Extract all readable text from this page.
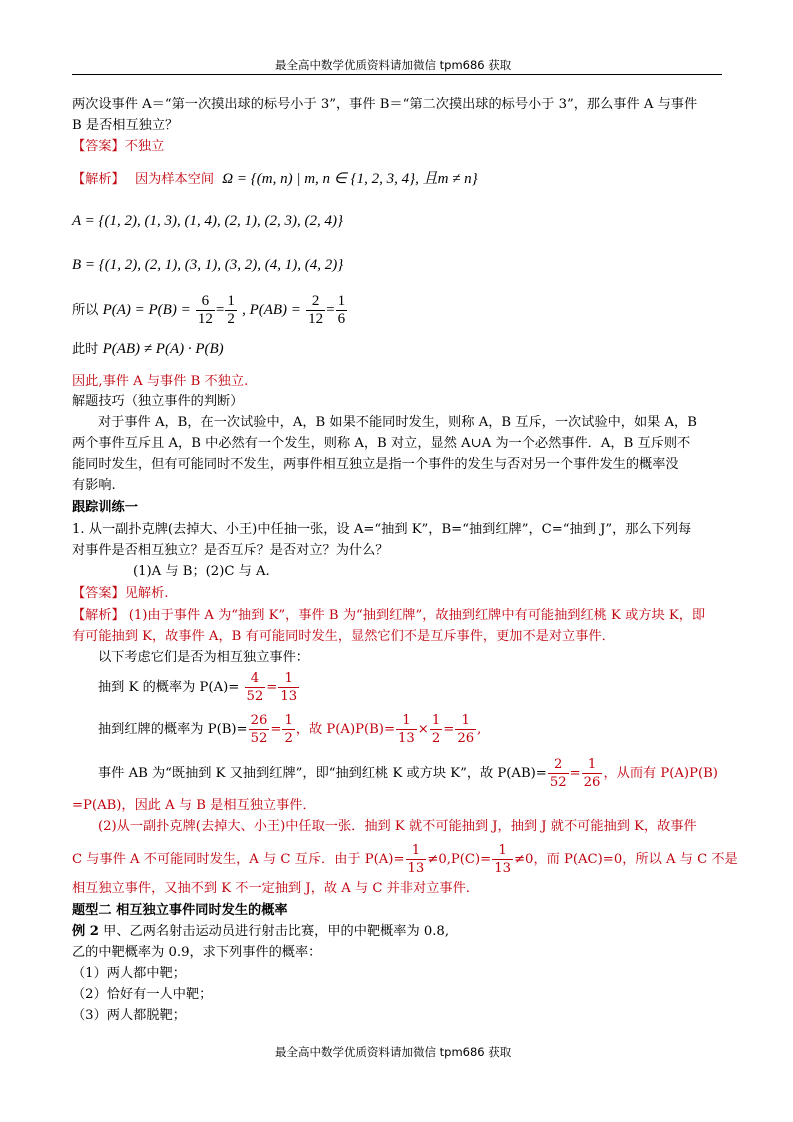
最全高中数学优质资料请加微信 tpm686 获取
两次设事件 A＝“第一次摸出球的标号小于 3”，事件 B＝“第二次摸出球的标号小于 3”，那么事件 A 与事件
B 是否相互独立？
【答案】不独立
【解析】 因为样本空间 Ω = {(m, n) | m, n ∈ {1, 2, 3, 4}, 且m ≠ n}
A = {(1, 2), (1, 3), (1, 4), (2, 1), (2, 3), (2, 4)}
B = {(1, 2), (2, 1), (3, 1), (3, 2), (4, 1), (4, 2)}
所以 $P(A) = P(B) = \frac{6}{12} = \frac{1}{2}$ , $P(AB) = \frac{2}{12} = \frac{1}{6}$
此时 P(AB) ≠ P(A) · P(B)
因此,事件 A 与事件 B 不独立.
解题技巧（独立事件的判断）
对于事件 A，B，在一次试验中，A，B 如果不能同时发生，则称 A，B 互斥，一次试验中，如果 A，B
两个事件互斥且 A，B 中必然有一个发生，则称 A，B 对立，显然 A∪A 为一个必然事件．A，B 互斥则不
能同时发生，但有可能同时不发生，两事件相互独立是指一个事件的发生与否对另一个事件发生的概率没
有影响.
跟踪训练一
1. 从一副扑克牌(去掉大、小王)中任抽一张，设 A=“抽到 K”，B=“抽到红牌”，C=“抽到 J”，那么下列每
对事件是否相互独立？是否互斥？是否对立？为什么？
(1)A 与 B；(2)C 与 A.
【答案】见解析.
【解析】 (1)由于事件 A 为“抽到 K”，事件 B 为“抽到红牌”，故抽到红牌中有可能抽到红桃 K 或方块 K，即
有可能抽到 K，故事件 A，B 有可能同时发生，显然它们不是互斥事件，更加不是对立事件．
以下考虑它们是否为相互独立事件：
抽到 K 的概率为 $P(A)= \frac{4}{52} = \frac{1}{13}$
抽到红牌的概率为 $P(B)= \frac{26}{52} = \frac{1}{2}$ ，故 $P(A)P(B)= \frac{1}{13} \times \frac{1}{2} = \frac{1}{26}$ ,
事件 AB 为“既抽到 K 又抽到红牌”，即“抽到红桃 K 或方块 K”，故 $P(AB)= \frac{2}{52} = \frac{1}{26}$ ，从而有 P(A)P(B)
=P(AB)，因此 A 与 B 是相互独立事件．
(2)从一副扑克牌(去掉大、小王)中任取一张．抽到 K 就不可能抽到 J，抽到 J 就不可能抽到 K，故事件
C 与事件 A 不可能同时发生，A 与 C 互斥．由于 $P(A)= \frac{1}{13} \ne 0,P(C)= \frac{1}{13} \ne 0$，而 P(AC)=0，所以 A 与 C 不是
相互独立事件，又抽不到 K 不一定抽到 J，故 A 与 C 并非对立事件.
题型二 相互独立事件同时发生的概率
例 2 甲、乙两名射击运动员进行射击比赛，甲的中靶概率为 0.8,
乙的中靶概率为 0.9，求下列事件的概率：
（1）两人都中靶；
（2）恰好有一人中靶；
（3）两人都脱靶；
最全高中数学优质资料请加微信 tpm686 获取
